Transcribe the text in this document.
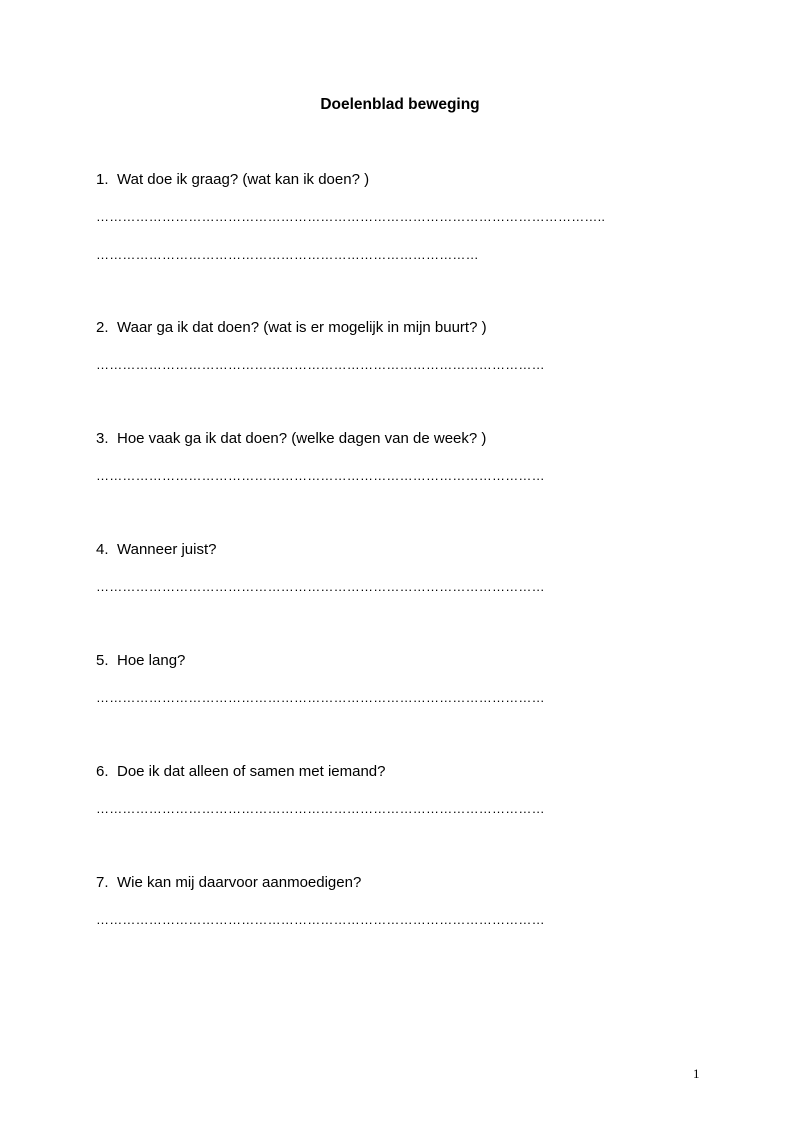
Doelenblad beweging
1. Wat doe ik graag? (wat kan ik doen? )
……………………………………………………………………………………………………..
……………………………………………………………………………
2. Waar ga ik dat doen? (wat is er mogelijk in mijn buurt? )
…………………………………………………………………………………………
3. Hoe vaak ga ik dat doen? (welke dagen van de week? )
…………………………………………………………………………………………
4. Wanneer juist?
…………………………………………………………………………………………
5. Hoe lang?
…………………………………………………………………………………………
6. Doe ik dat alleen of samen met iemand?
…………………………………………………………………………………………
7. Wie kan mij daarvoor aanmoedigen?
…………………………………………………………………………………………
1
